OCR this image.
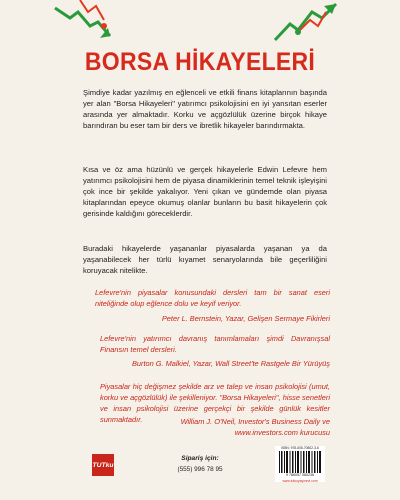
BORSA HİKAYELERİ
Şimdiye kadar yazılmış en eğlenceli ve etkili finans kitaplarının başında yer alan "Borsa Hikayeleri" yatırımcı psikolojisini en iyi yansıtan eserler arasında yer almaktadır. Korku ve açgözlülük üzerine birçok hikaye barındıran bu eser tam bir ders ve ibretlik hikayeler barındırmakta.
Kısa ve öz ama hüzünlü ve gerçek hikayelerle Edwin Lefevre hem yatırımcı psikolojisini hem de piyasa dinamiklerinin temel teknik işleyişini çok ince bir şekilde yakalıyor. Yeni çıkan ve gündemde olan piyasa kitaplarından epeyce okumuş olanlar bunların bu basit hikayelerin çok gerisinde kaldığını göreceklerdir.
Buradaki hikayelerde yaşananlar piyasalarda yaşanan ya da yaşanabilecek her türlü kıyamet senaryolarında bile geçerliliğini koruyacak nitelikte.
Lefevre'nin piyasalar konusundaki dersleri tam bir sanat eseri niteliğinde olup eğlence dolu ve keyif veriyor.
Peter L. Bernstein, Yazar, Gelişen Sermaye Fikirleri
Lefevre'nin yatırımcı davranış tanımlamaları şimdi Davranışsal Finansın temel dersleri.
Burton G. Malkiel, Yazar, Wall Street'te Rastgele Bir Yürüyüş
Piyasalar hiç değişmez şekilde arz ve talep ve insan psikolojisi (umut, korku ve açgözlülük) ile şekilleniyor. "Borsa Hikayeleri", hisse senetleri ve insan psikolojisi üzerine gerçekçi bir şekilde günlük kesitler sunmaktadır.	William J. O'Neil, Investor's Business Daily ve www.investors.com kurucusu
TUTku
Sipariş için:
(555) 996 78 95
ISBN: 978-605-70802-3-6
9 786057 080236
www.tutkuyayinevi.com
